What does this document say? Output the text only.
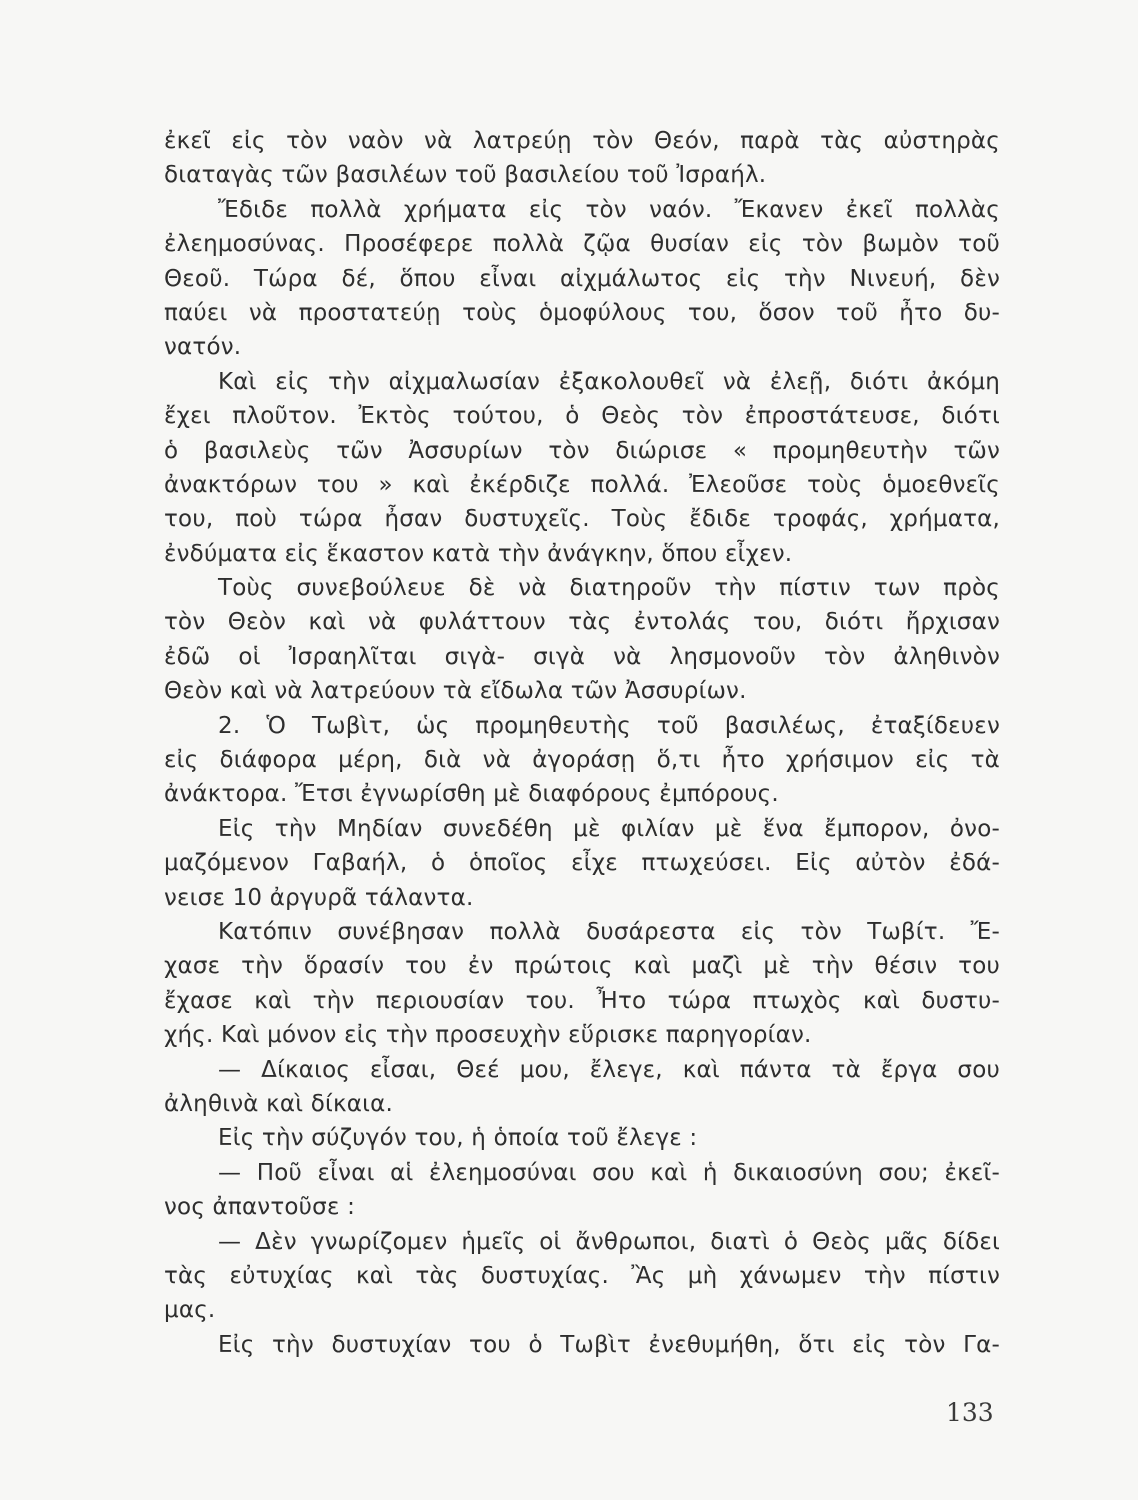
ἐκεῖ εἰς τὸν ναὸν νὰ λατρεύῃ τὸν Θεόν, παρὰ τὰς αὐστηρὰς
διαταγὰς τῶν βασιλέων τοῦ βασιλείου τοῦ Ἰσραήλ.
Ἔδιδε πολλὰ χρήματα εἰς τὸν ναόν. Ἔκανεν ἐκεῖ πολλὰς
ἐλεημοσύνας. Προσέφερε πολλὰ ζῷα θυσίαν εἰς τὸν βωμὸν τοῦ
Θεοῦ. Τώρα δέ, ὅπου εἶναι αἰχμάλωτος εἰς τὴν Νινευή, δὲν
παύει νὰ προστατεύῃ τοὺς ὁμοφύλους του, ὅσον τοῦ ἦτο δυ-
νατόν.
Καὶ εἰς τὴν αἰχμαλωσίαν ἐξακολουθεῖ νὰ ἐλεῇ, διότι ἀκόμη
ἔχει πλοῦτον. Ἐκτὸς τούτου, ὁ Θεὸς τὸν ἐπροστάτευσε, διότι
ὁ βασιλεὺς τῶν Ἀσσυρίων τὸν διώρισε « προμηθευτὴν τῶν
ἀνακτόρων του » καὶ ἐκέρδιζε πολλά. Ἐλεοῦσε τοὺς ὁμοεθνεῖς
του, ποὺ τώρα ἦσαν δυστυχεῖς. Τοὺς ἔδιδε τροφάς, χρήματα,
ἐνδύματα εἰς ἕκαστον κατὰ τὴν ἀνάγκην, ὅπου εἶχεν.
Τοὺς συνεβούλευε δὲ νὰ διατηροῦν τὴν πίστιν των πρὸς
τὸν Θεὸν καὶ νὰ φυλάττουν τὰς ἐντολάς του, διότι ἤρχισαν
ἐδῶ οἱ Ἰσραηλῖται σιγὰ- σιγὰ νὰ λησμονοῦν τὸν ἀληθινὸν
Θεὸν καὶ νὰ λατρεύουν τὰ εἴδωλα τῶν Ἀσσυρίων.
2. Ὁ Τωβὶτ, ὡς προμηθευτὴς τοῦ βασιλέως, ἐταξίδευεν
εἰς διάφορα μέρη, διὰ νὰ ἀγοράσῃ ὅ,τι ἦτο χρήσιμον εἰς τὰ
ἀνάκτορα. Ἔτσι ἐγνωρίσθη μὲ διαφόρους ἐμπόρους.
Εἰς τὴν Μηδίαν συνεδέθη μὲ φιλίαν μὲ ἕνα ἔμπορον, ὀνο-
μαζόμενον Γαβαήλ, ὁ ὁποῖος εἶχε πτωχεύσει. Εἰς αὐτὸν ἐδά-
νεισε 10 ἀργυρᾶ τάλαντα.
Κατόπιν συνέβησαν πολλὰ δυσάρεστα εἰς τὸν Τωβίτ. Ἔ-
χασε τὴν ὅρασίν του ἐν πρώτοις καὶ μαζὶ μὲ τὴν θέσιν του
ἔχασε καὶ τὴν περιουσίαν του. Ἦτο τώρα πτωχὸς καὶ δυστυ-
χής. Καὶ μόνον εἰς τὴν προσευχὴν εὕρισκε παρηγορίαν.
— Δίκαιος εἶσαι, Θεέ μου, ἔλεγε, καὶ πάντα τὰ ἔργα σου
ἀληθινὰ καὶ δίκαια.
Εἰς τὴν σύζυγόν του, ἡ ὁποία τοῦ ἔλεγε :
— Ποῦ εἶναι αἱ ἐλεημοσύναι σου καὶ ἡ δικαιοσύνη σου; ἐκεῖ-
νος ἀπαντοῦσε :
— Δὲν γνωρίζομεν ἡμεῖς οἱ ἄνθρωποι, διατὶ ὁ Θεὸς μᾶς δίδει
τὰς εὐτυχίας καὶ τὰς δυστυχίας. Ἂς μὴ χάνωμεν τὴν πίστιν
μας.
Εἰς τὴν δυστυχίαν του ὁ Τωβὶτ ἐνεθυμήθη, ὅτι εἰς τὸν Γα-
133
